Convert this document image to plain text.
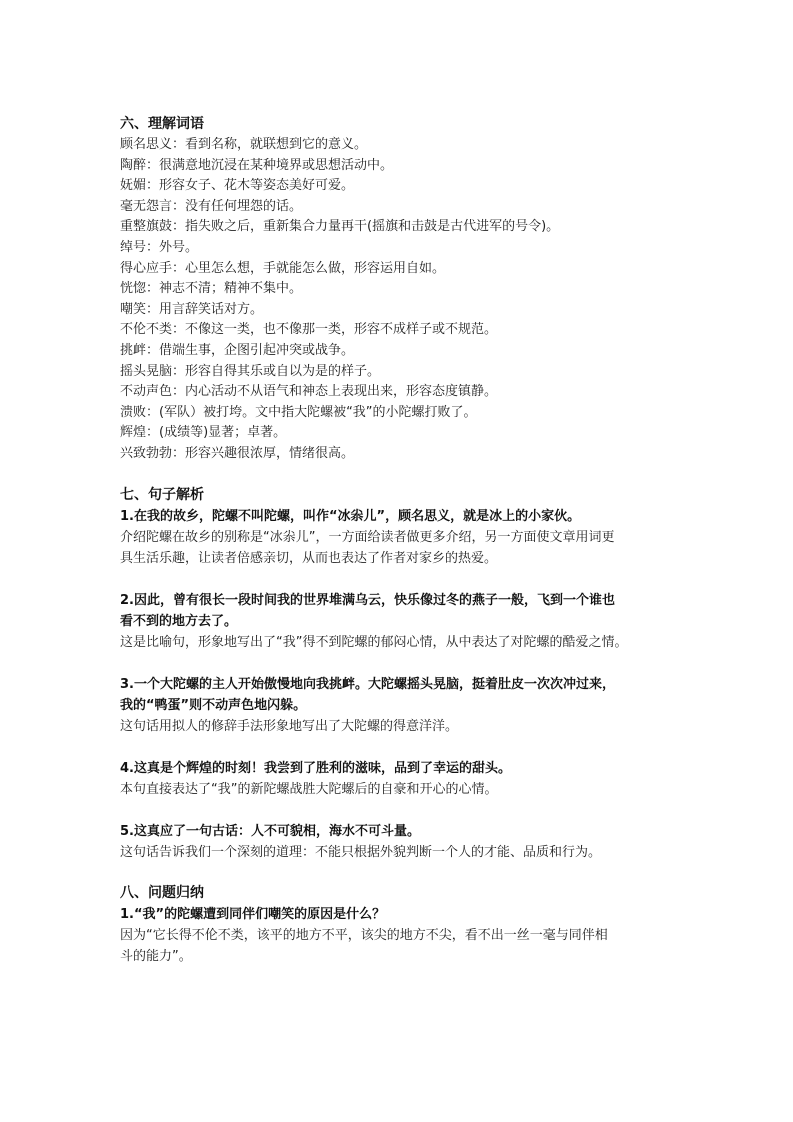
六、理解词语

顾名思义：看到名称，就联想到它的意义。

陶醉：很满意地沉浸在某种境界或思想活动中。

妩媚：形容女子、花木等姿态美好可爱。

毫无怨言：没有任何埋怨的话。

重整旗鼓：指失败之后，重新集合力量再干(摇旗和击鼓是古代进军的号令)。

绰号：外号。

得心应手：心里怎么想，手就能怎么做，形容运用自如。

恍惚：神志不清；精神不集中。

嘲笑：用言辞笑话对方。

不伦不类：不像这一类，也不像那一类，形容不成样子或不规范。

挑衅：借端生事，企图引起冲突或战争。

摇头晃脑：形容自得其乐或自以为是的样子。

不动声色：内心活动不从语气和神态上表现出来，形容态度镇静。

溃败：(军队）被打垮。文中指大陀螺被“我”的小陀螺打败了。

辉煌：(成绩等)显著；卓著。

兴致勃勃：形容兴趣很浓厚，情绪很高。

七、句子解析

1.在我的故乡，陀螺不叫陀螺，叫作“冰尜儿”，顾名思义，就是冰上的小家伙。

介绍陀螺在故乡的别称是“冰尜儿”，一方面给读者做更多介绍，另一方面使文章用词更

具生活乐趣，让读者倍感亲切，从而也表达了作者对家乡的热爱。

2.因此，曾有很长一段时间我的世界堆满乌云，快乐像过冬的燕子一般，飞到一个谁也

看不到的地方去了。

这是比喻句，形象地写出了“我”得不到陀螺的郁闷心情，从中表达了对陀螺的酷爱之情。

3.一个大陀螺的主人开始傲慢地向我挑衅。大陀螺摇头晃脑，挺着肚皮一次次冲过来，

我的“鸭蛋”则不动声色地闪躲。

这句话用拟人的修辞手法形象地写出了大陀螺的得意洋洋。

4.这真是个辉煌的时刻！我尝到了胜利的滋味，品到了幸运的甜头。

本句直接表达了“我”的新陀螺战胜大陀螺后的自豪和开心的心情。

5.这真应了一句古话：人不可貌相，海水不可斗量。

这句话告诉我们一个深刻的道理：不能只根据外貌判断一个人的才能、品质和行为。

八、问题归纳

1.“我”的陀螺遭到同伴们嘲笑的原因是什么？

因为“它长得不伦不类，该平的地方不平，该尖的地方不尖，看不出一丝一毫与同伴相

斗的能力”。
